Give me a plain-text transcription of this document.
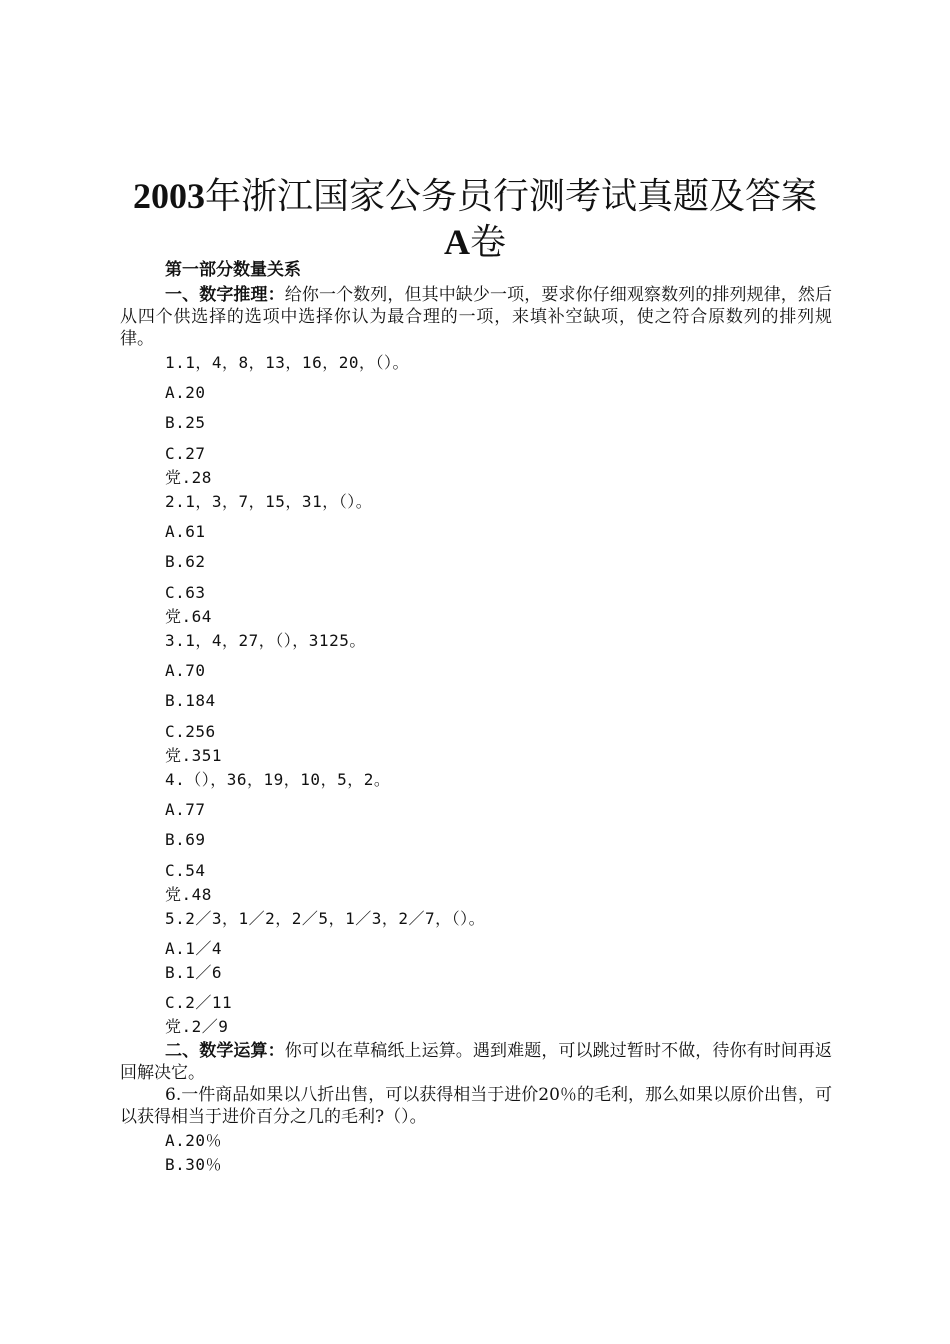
2003年浙江国家公务员行测考试真题及答案
A卷
第一部分数量关系

一、数字推理：给你一个数列，但其中缺少一项，要求你仔细观察数列的排列规律，然后从四个供选择的选项中选择你认为最合理的一项，来填补空缺项，使之符合原数列的排列规律。

1.1，4，8，13，16，20，（）。
A.20
B.25
C.27
党.28
2.1，3，7，15，31，（）。
A.61
B.62
C.63
党.64
3.1，4，27，（），3125。
A.70
B.184
C.256
党.351
4.（），36，19，10，5，2。
A.77
B.69
C.54
党.48
5.2／3，1／2，2／5，1／3，2／7，（）。
A.1／4
B.1／6
C.2／11
党.2／9

二、数学运算：你可以在草稿纸上运算。遇到难题，可以跳过暂时不做，待你有时间再返回解决它。

6.一件商品如果以八折出售，可以获得相当于进价20％的毛利，那么如果以原价出售，可以获得相当于进价百分之几的毛利?（）。

A.20％
B.30％
